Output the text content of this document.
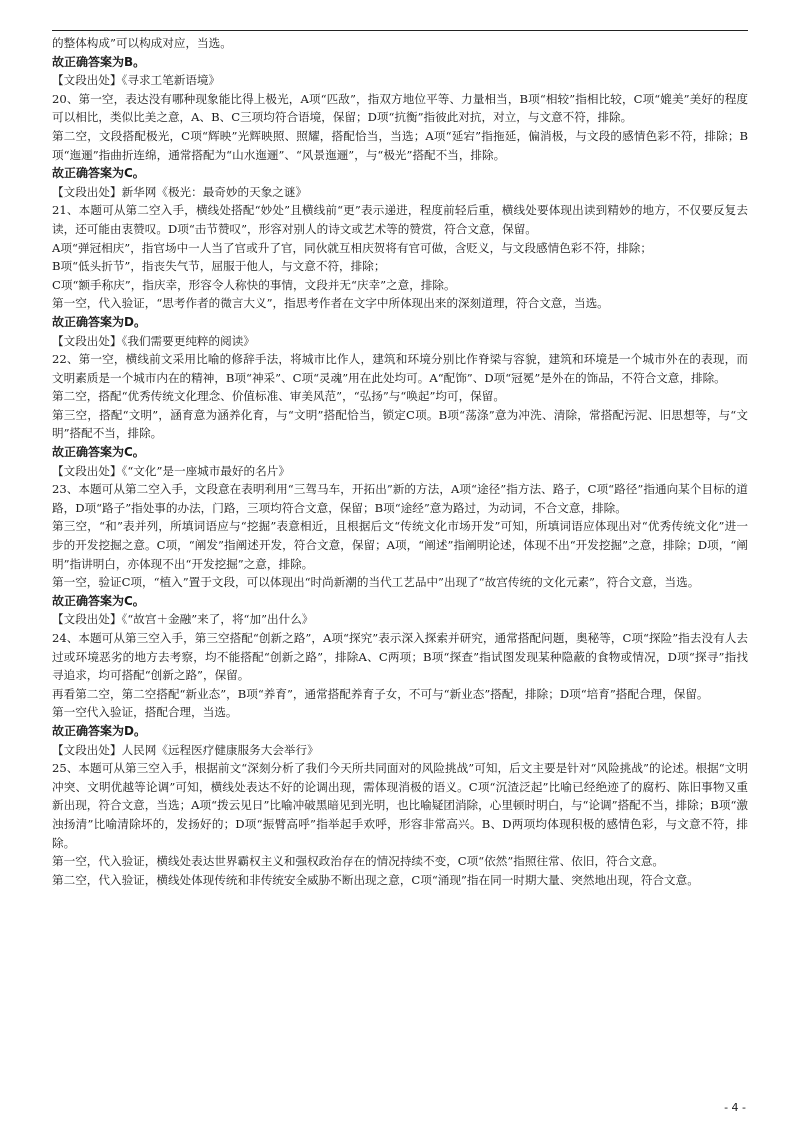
的整体构成”可以构成对应，当选。

故正确答案为B。

【文段出处】《寻求工笔新语境》

20、第一空，表达没有哪种现象能比得上极光，A项“匹敌”，指双方地位平等、力量相当，B项“相较”指相比较，C项“媲美”美好的程度可以相比，类似比美之意，A、B、C三项均符合语境，保留；D项“抗衡”指彼此对抗，对立，与文意不符，排除。

第二空，文段搭配极光，C项“辉映”光辉映照、照耀，搭配恰当，当选；A项“延宕”指拖延，偏消极，与文段的感情色彩不符，排除；B项“迤逦”指曲折连绵，通常搭配为“山水迤逦”、“风景迤逦”，与“极光”搭配不当，排除。

故正确答案为C。

【文段出处】新华网《极光：最奇妙的天象之谜》

21、本题可从第二空入手，横线处搭配“妙处”且横线前“更”表示递进，程度前轻后重，横线处要体现出读到精妙的地方，不仅要反复去读，还可能由衷赞叹。D项“击节赞叹”，形容对别人的诗文或艺术等的赞赏，符合文意，保留。

A项“弹冠相庆”，指官场中一人当了官或升了官，同伙就互相庆贺将有官可做，含贬义，与文段感情色彩不符，排除；

B项“低头折节”，指丧失气节，屈服于他人，与文意不符，排除；

C项“额手称庆”，指庆幸，形容令人称快的事情，文段并无“庆幸”之意，排除。

第一空，代入验证，“思考作者的微言大义”，指思考作者在文字中所体现出来的深刻道理，符合文意，当选。

故正确答案为D。

【文段出处】《我们需要更纯粹的阅读》

22、第一空，横线前文采用比喻的修辞手法，将城市比作人，建筑和环境分别比作脊梁与容貌，建筑和环境是一个城市外在的表现，而文明素质是一个城市内在的精神，B项“神采”、C项“灵魂”用在此处均可。A“配饰”、D项“冠冕”是外在的饰品，不符合文意，排除。

第二空，搭配“优秀传统文化理念、价值标准、审美风范”，“弘扬”与“唤起”均可，保留。

第三空，搭配“文明”，涵育意为涵养化育，与“文明”搭配恰当，锁定C项。B项“荡涤”意为冲洗、清除，常搭配污泥、旧思想等，与“文明”搭配不当，排除。

故正确答案为C。

【文段出处】《“文化”是一座城市最好的名片》

23、本题可从第二空入手，文段意在表明利用“三驾马车，开拓出”新的方法，A项“途径”指方法、路子，C项“路径”指通向某个目标的道路，D项“路子”指处事的办法，门路，三项均符合文意，保留；B项“途经”意为路过，为动词，不合文意，排除。

第三空，“和”表并列，所填词语应与“挖掘”表意相近，且根据后文“传统文化市场开发”可知，所填词语应体现出对“优秀传统文化”进一步的开发挖掘之意。C项，“阐发”指阐述开发，符合文意，保留；A项，“阐述”指阐明论述，体现不出“开发挖掘”之意，排除；D项，“阐明”指讲明白，亦体现不出“开发挖掘”之意，排除。

第一空，验证C项，“植入”置于文段，可以体现出“时尚新潮的当代工艺品中”出现了“故宫传统的文化元素”，符合文意，当选。

故正确答案为C。

【文段出处】《“故宫＋金融”来了，将“加”出什么》

24、本题可从第三空入手，第三空搭配“创新之路”，A项“探究”表示深入探索并研究，通常搭配问题，奥秘等，C项“探险”指去没有人去过或环境恶劣的地方去考察，均不能搭配“创新之路”，排除A、C两项；B项“探查”指试图发现某种隐蔽的食物或情况，D项“探寻”指找寻追求，均可搭配“创新之路”，保留。

再看第二空，第二空搭配“新业态”，B项“养育”，通常搭配养育子女，不可与“新业态”搭配，排除；D项“培育”搭配合理，保留。

第一空代入验证，搭配合理，当选。

故正确答案为D。

【文段出处】人民网《远程医疗健康服务大会举行》

25、本题可从第三空入手，根据前文“深刻分析了我们今天所共同面对的风险挑战”可知，后文主要是针对“风险挑战”的论述。根据“文明冲突、文明优越等论调”可知，横线处表达不好的论调出现，需体现消极的语义。C项“沉渣泛起”比喻已经绝迹了的腐朽、陈旧事物又重新出现，符合文意，当选；A项“拨云见日”比喻冲破黑暗见到光明，也比喻疑团消除，心里顿时明白，与“论调”搭配不当，排除；B项“激浊扬清”比喻清除坏的，发扬好的；D项“振臂高呼”指举起手欢呼，形容非常高兴。B、D两项均体现积极的感情色彩，与文意不符，排除。

第一空，代入验证，横线处表达世界霸权主义和强权政治存在的情况持续不变，C项“依然”指照往常、依旧，符合文意。

第二空，代入验证，横线处体现传统和非传统安全威胁不断出现之意，C项“涌现”指在同一时期大量、突然地出现，符合文意。

- 4 -
